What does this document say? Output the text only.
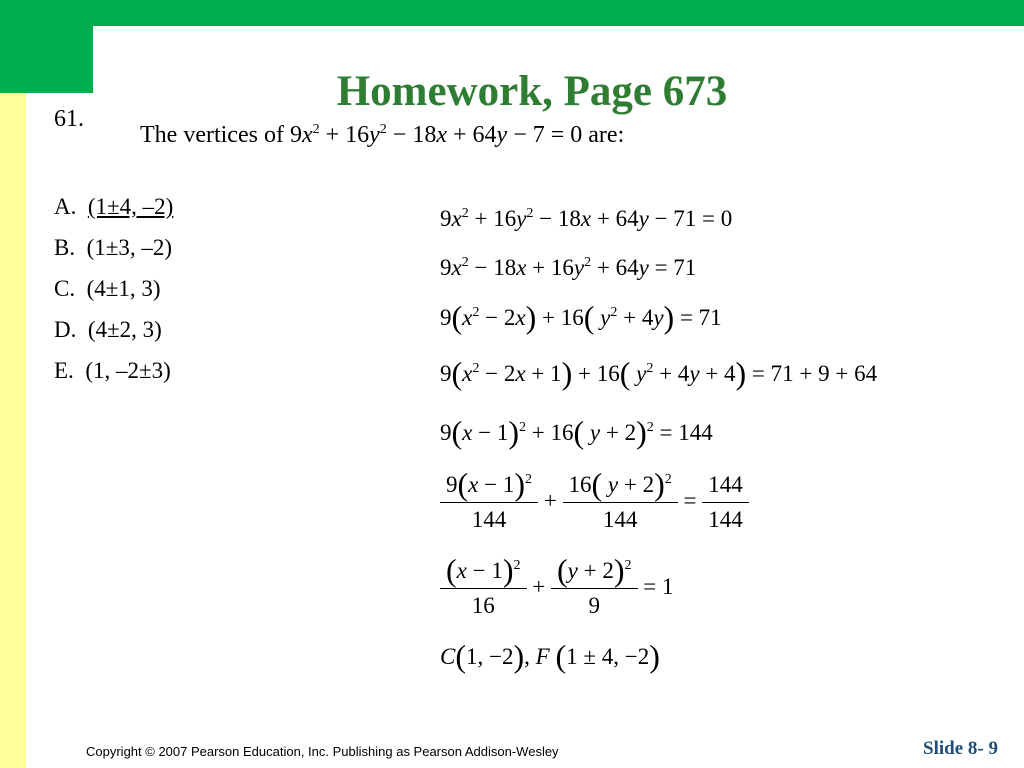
Homework, Page 673
61.
The vertices of $9x^2 + 16y^2 - 18x + 64y - 7 = 0$ are:
A. (1±4, –2)
B. (1±3, –2)
C. (4±1, 3)
D. (4±2, 3)
E. (1, –2±3)
$9x^2 + 16y^2 - 18x + 64y - 71 = 0$
$9x^2 - 18x + 16y^2 + 64y = 71$
$9(x^2 - 2x) + 16$( $y^2 + 4y) = 71$
$9(x^2 - 2x + 1) + 16$( $y^2 + 4y + 4) = 71 + 9 + 64$
$9(x - 1)^2 + 16$( y + 2)$^2$ = 144
$\frac{9(x - 1)^2}{144} + \frac{16( y + 2)^2}{144} = \frac{144}{144}$
$\frac{(x - 1)^2}{16} + \frac{(y + 2)^2}{9} = 1$
C(1, −2), F (1 ± 4, −2)
Copyright © 2007 Pearson Education, Inc. Publishing as Pearson Addison-Wesley	Slide 8- 9
